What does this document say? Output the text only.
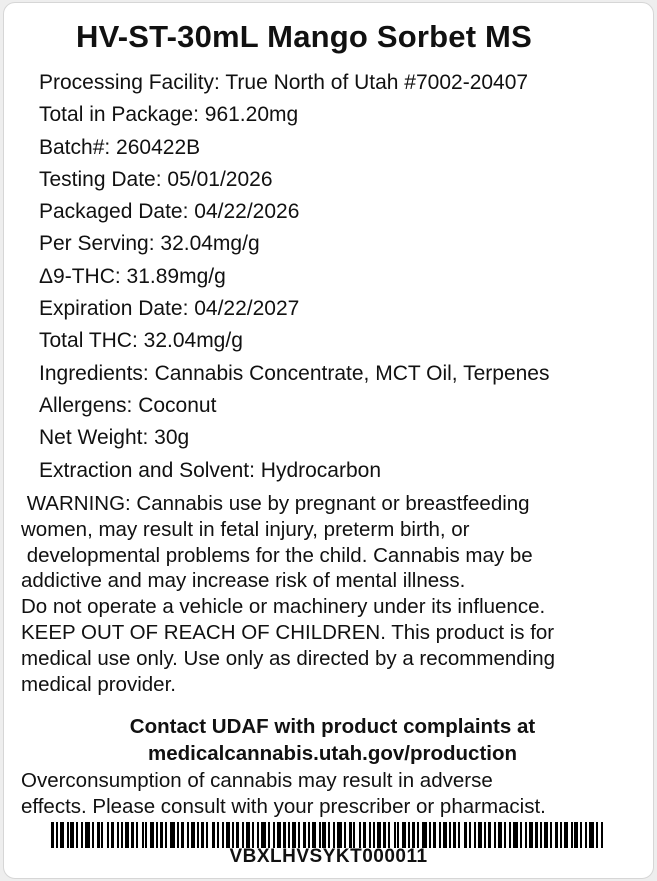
HV-ST-30mL Mango Sorbet MS
Processing Facility: True North of Utah #7002-20407
Total in Package: 961.20mg
Batch#: 260422B
Testing Date: 05/01/2026
Packaged Date: 04/22/2026
Per Serving: 32.04mg/g
Δ9-THC: 31.89mg/g
Expiration Date: 04/22/2027
Total THC: 32.04mg/g
Ingredients: Cannabis Concentrate, MCT Oil, Terpenes
Allergens: Coconut
Net Weight: 30g
Extraction and Solvent: Hydrocarbon
WARNING: Cannabis use by pregnant or breastfeeding
women, may result in fetal injury, preterm birth, or
developmental problems for the child. Cannabis may be
addictive and may increase risk of mental illness.
Do not operate a vehicle or machinery under its influence.
KEEP OUT OF REACH OF CHILDREN. This product is for
medical use only. Use only as directed by a recommending
medical provider.
Contact UDAF with product complaints at
medicalcannabis.utah.gov/production
Overconsumption of cannabis may result in adverse
effects. Please consult with your prescriber or pharmacist.
VBXLHVSYKT000011
